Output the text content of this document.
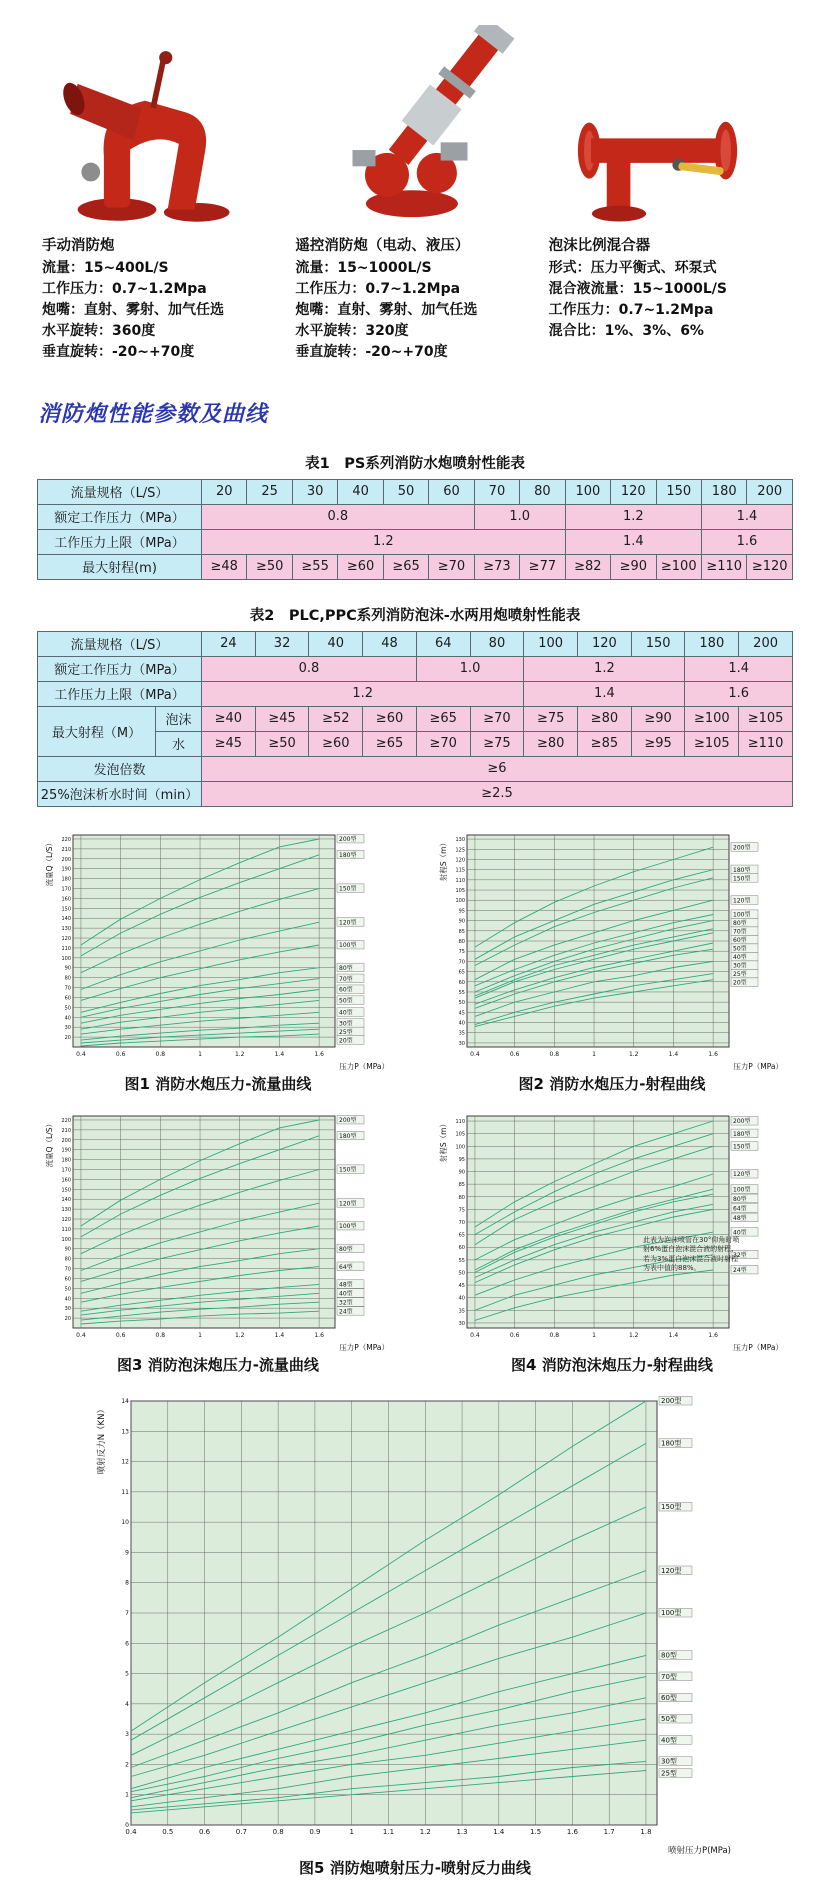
手动消防炮
流量：15~400L/S
工作压力：0.7~1.2Mpa
炮嘴：直射、雾射、加气任选
水平旋转：360度
垂直旋转：-20~+70度
遥控消防炮（电动、液压）
流量：15~1000L/S
工作压力：0.7~1.2Mpa
炮嘴：直射、雾射、加气任选
水平旋转：320度
垂直旋转：-20~+70度
泡沫比例混合器
形式：压力平衡式、环泵式
混合液流量：15~1000L/S
工作压力：0.7~1.2Mpa
混合比：1%、3%、6%
消防炮性能参数及曲线
表1　PS系列消防水炮喷射性能表
流量规格（L/S）	20	25	30	40	50	60	70	80	100	120	150	180	200
额定工作压力（MPa）	0.8						1.0		1.2			1.4	
工作压力上限（MPa）	1.2								1.4			1.6	
最大射程(m)	≥48	≥50	≥55	≥60	≥65	≥70	≥73	≥77	≥82	≥90	≥100	≥110	≥120
表2　PLC,PPC系列消防泡沫-水两用炮喷射性能表
流量规格（L/S）		24	32	40	48	64	80	100	120	150	180	200
额定工作压力（MPa）		0.8				1.0		1.2			1.4	
工作压力上限（MPa）		1.2						1.4			1.6	
最大射程（M）	泡沫	≥40	≥45	≥52	≥60	≥65	≥70	≥75	≥80	≥90	≥100	≥105
	水	≥45	≥50	≥60	≥65	≥70	≥75	≥80	≥85	≥95	≥105	≥110
发泡倍数		≥6										
25%泡沫析水时间（min）		≥2.5										
0.4	0.6	0.8	1	1.2	1.4	1.6
20
30
40
50
60
70
80
90
100
110
120
130
140
150
160
170
180
190
200
210
220	200型
180型
150型
120型
100型
80型
70型
60型
50型
40型
30型
25型
20型
压力P（MPa）
流量Q（L/S）
图1 消防水炮压力-流量曲线
0.4	0.6	0.8	1	1.2	1.4	1.6
30
35
40
45
50
55
60
65
70
75
80
85
90
95
100
105
110
115
120
125
130
200型
180型
150型
120型
100型
80型
70型
60型
50型
40型
30型
25型
20型
压力P（MPa）
射程S（m）
图2 消防水炮压力-射程曲线
0.4	0.6	0.8	1	1.2	1.4	1.6
20
30
40
50
60
70
80
90
100
110
120
130
140
150
160
170
180
190
200
210
220	200型
180型
150型
120型
100型
80型
64型
48型
40型
32型
24型
压力P（MPa）
流量Q（L/S）
图3 消防泡沫炮压力-流量曲线
0.4	0.6	0.8	1	1.2	1.4	1.6
30
35
40
45
50
55
60
65
70
75
80
85
90
95
100
105
110	200型
180型
150型
120型
100型
80型
64型
48型
40型
32型
24型
压力P（MPa）
射程S（m）
此表为泡沫喷管在30°仰角时喷射6%蛋白泡沫混合液的射程，若为3%蛋白泡沫混合液时射程为表中值的88%。
图4 消防泡沫炮压力-射程曲线
0.4	0.5	0.6	0.7	0.8	0.9	1	1.1	1.2	1.3	1.4	1.5	1.6	1.7	1.8
0
1
2
3
4
5
6
7
8
9
10
11
12
13
14	200型
180型
150型
120型
100型
80型
70型
60型
50型
40型
30型
25型
喷射压力P(MPa)
喷射反力N（KN）
图5 消防炮喷射压力-喷射反力曲线
